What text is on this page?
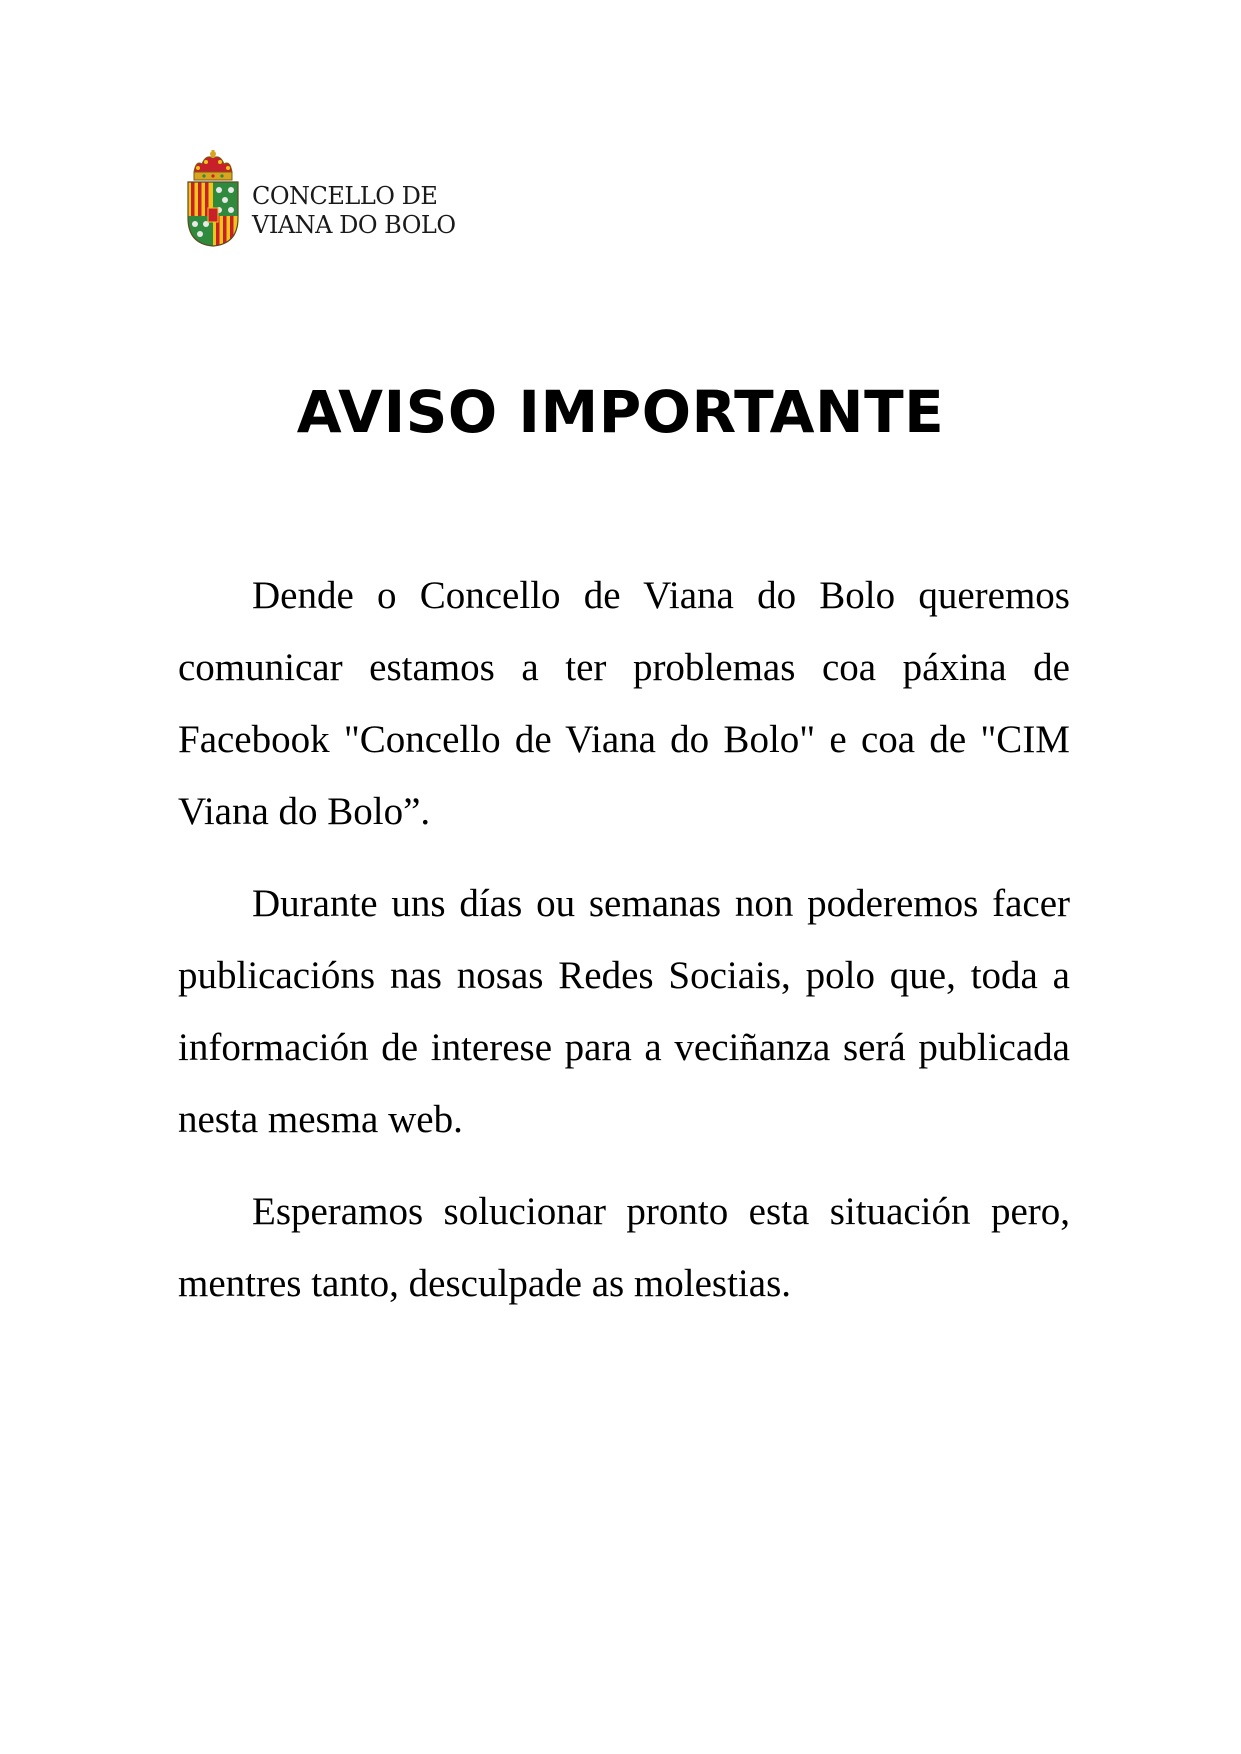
CONCELLO DE
VIANA DO BOLO
AVISO IMPORTANTE

Dende o Concello de Viana do Bolo queremos comunicar estamos a ter problemas coa páxina de Facebook "Concello de Viana do Bolo" e coa de "CIM Viana do Bolo”.

Durante uns días ou semanas non poderemos facer publicacións nas nosas Redes Sociais, polo que, toda a información de interese para a veciñanza será publicada nesta mesma web.

Esperamos solucionar pronto esta situación pero, mentres tanto, desculpade as molestias.
